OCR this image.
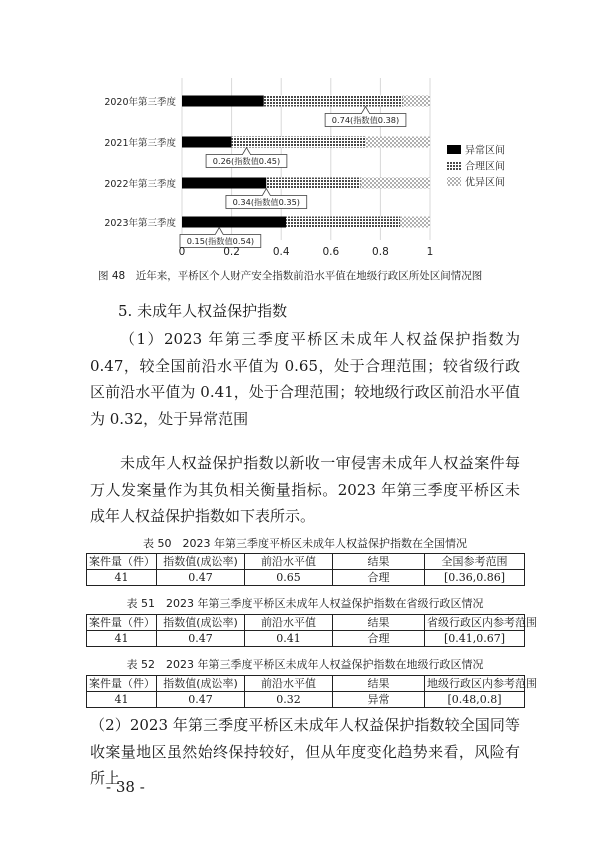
0.74(指数值0.38)
0.26(指数值0.45)
0.34(指数值0.35)
0.15(指数值0.54)
0	0.2	0.4	0.6	0.8	1
2020年第三季度
2021年第三季度
2022年第三季度
2023年第三季度
异常区间
合理区间
优异区间
图 48　近年来，平桥区个人财产安全指数前沿水平值在地级行政区所处区间情况图
5. 未成年人权益保护指数
（1）2023 年第三季度平桥区未成年人权益保护指数为 0.47，较全国前沿水平值为 0.65，处于合理范围；较省级行政区前沿水平值为 0.41，处于合理范围；较地级行政区前沿水平值为 0.32，处于异常范围
未成年人权益保护指数以新收一审侵害未成年人权益案件每万人发案量作为其负相关衡量指标。2023 年第三季度平桥区未成年人权益保护指数如下表所示。
表 50　2023 年第三季度平桥区未成年人权益保护指数在全国情况
案件量（件）	指数值(成讼率)	前沿水平值	结果	全国参考范围
41	0.47	0.65	合理	[0.36,0.86]
表 51　2023 年第三季度平桥区未成年人权益保护指数在省级行政区情况
案件量（件）	指数值(成讼率)	前沿水平值	结果	省级行政区内参考范围
41	0.47	0.41	合理	[0.41,0.67]
表 52　2023 年第三季度平桥区未成年人权益保护指数在地级行政区情况
案件量（件）	指数值(成讼率)	前沿水平值	结果	地级行政区内参考范围
41	0.47	0.32	异常	[0.48,0.8]
（2）2023 年第三季度平桥区未成年人权益保护指数较全国同等收案量地区虽然始终保持较好，但从年度变化趋势来看，风险有所上
- 38 -
